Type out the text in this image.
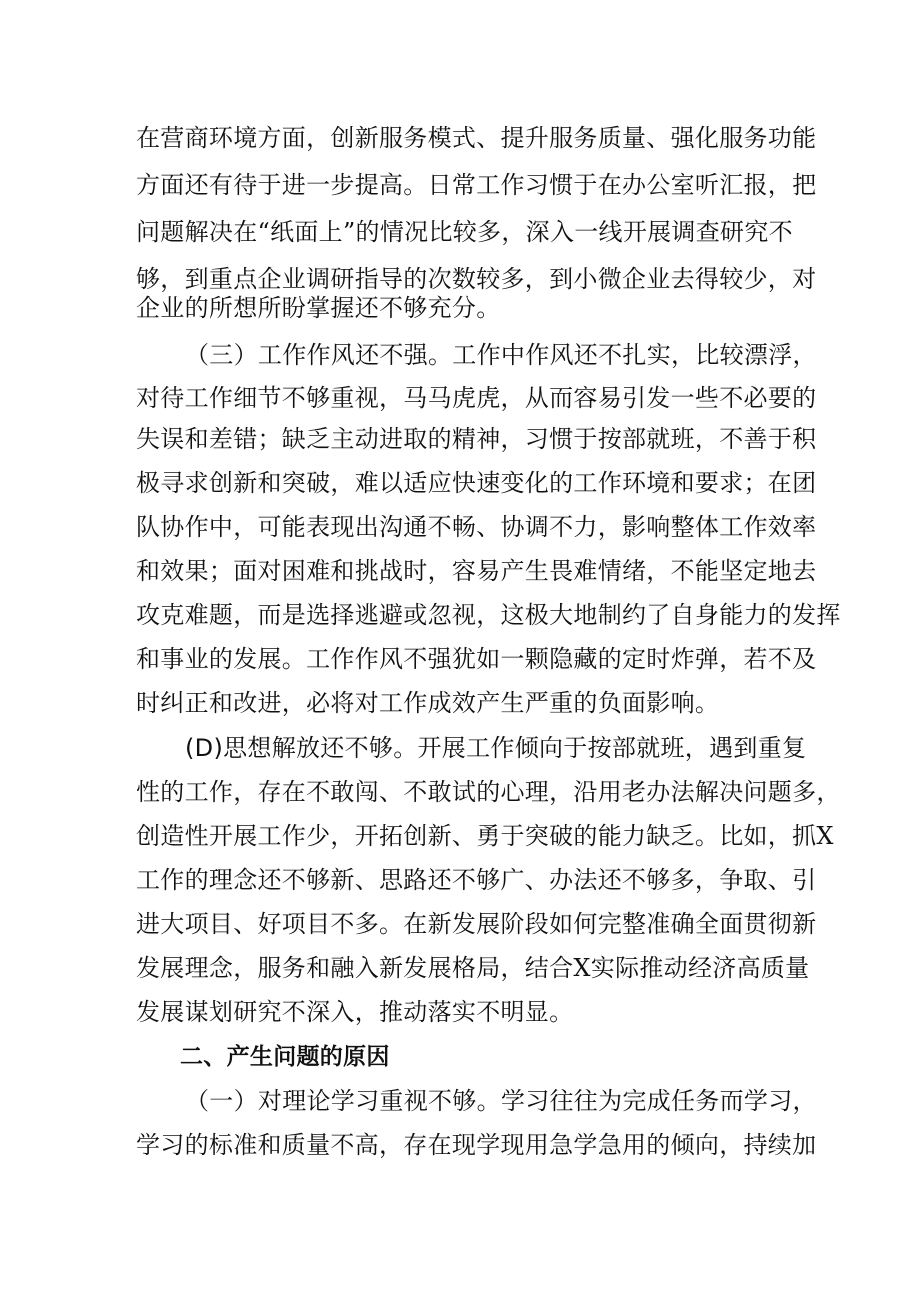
在营商环境方面，创新服务模式、提升服务质量、强化服务功能
方面还有待于进一步提高。日常工作习惯于在办公室听汇报，把
问题解决在“纸面上”的情况比较多，深入一线开展调查研究不
够，到重点企业调研指导的次数较多，到小微企业去得较少，对
企业的所想所盼掌握还不够充分。
（三）工作作风还不强。工作中作风还不扎实，比较漂浮，
对待工作细节不够重视，马马虎虎，从而容易引发一些不必要的
失误和差错；缺乏主动进取的精神，习惯于按部就班，不善于积
极寻求创新和突破，难以适应快速变化的工作环境和要求；在团
队协作中，可能表现出沟通不畅、协调不力，影响整体工作效率
和效果；面对困难和挑战时，容易产生畏难情绪，不能坚定地去
攻克难题，而是选择逃避或忽视，这极大地制约了自身能力的发挥
和事业的发展。工作作风不强犹如一颗隐藏的定时炸弹，若不及
时纠正和改进，必将对工作成效产生严重的负面影响。
(D)思想解放还不够。开展工作倾向于按部就班，遇到重复
性的工作，存在不敢闯、不敢试的心理，沿用老办法解决问题多，
创造性开展工作少，开拓创新、勇于突破的能力缺乏。比如，抓X
工作的理念还不够新、思路还不够广、办法还不够多，争取、引
进大项目、好项目不多。在新发展阶段如何完整准确全面贯彻新
发展理念，服务和融入新发展格局，结合X实际推动经济高质量
发展谋划研究不深入，推动落实不明显。
二、产生问题的原因
（一）对理论学习重视不够。学习往往为完成任务而学习，
学习的标准和质量不高，存在现学现用急学急用的倾向，持续加
